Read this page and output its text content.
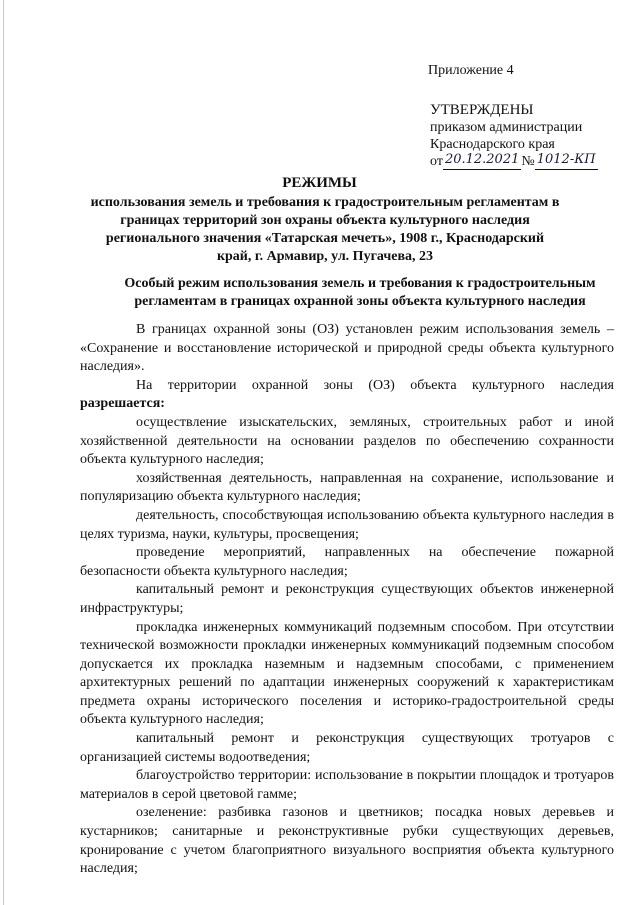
Приложение 4
УТВЕРЖДЕНЫ
приказом администрации
Краснодарского края
от 20.12.2021 № 1012-КП
РЕЖИМЫ
использования земель и требования к градостроительным регламентам в границах территорий зон охраны объекта культурного наследия регионального значения «Татарская мечеть», 1908 г., Краснодарский край, г. Армавир, ул. Пугачева, 23
Особый режим использования земель и требования к градостроительным регламентам в границах охранной зоны объекта культурного наследия

В границах охранной зоны (ОЗ) установлен режим использования земель – «Сохранение и восстановление исторической и природной среды объекта культурного наследия».

На территории охранной зоны (ОЗ) объекта культурного наследия разрешается:

осуществление изыскательских, земляных, строительных работ и иной хозяйственной деятельности на основании разделов по обеспечению сохранности объекта культурного наследия;

хозяйственная деятельность, направленная на сохранение, использование и популяризацию объекта культурного наследия;

деятельность, способствующая использованию объекта культурного наследия в целях туризма, науки, культуры, просвещения;

проведение мероприятий, направленных на обеспечение пожарной безопасности объекта культурного наследия;

капитальный ремонт и реконструкция существующих объектов инженерной инфраструктуры;

прокладка инженерных коммуникаций подземным способом. При отсутствии технической возможности прокладки инженерных коммуникаций подземным способом допускается их прокладка наземным и надземным способами, с применением архитектурных решений по адаптации инженерных сооружений к характеристикам предмета охраны исторического поселения и историко-градостроительной среды объекта культурного наследия;

капитальный ремонт и реконструкция существующих тротуаров с организацией системы водоотведения;

благоустройство территории: использование в покрытии площадок и тротуаров материалов в серой цветовой гамме;

озеленение: разбивка газонов и цветников; посадка новых деревьев и кустарников; санитарные и реконструктивные рубки существующих деревьев, кронирование с учетом благоприятного визуального восприятия объекта культурного наследия;
